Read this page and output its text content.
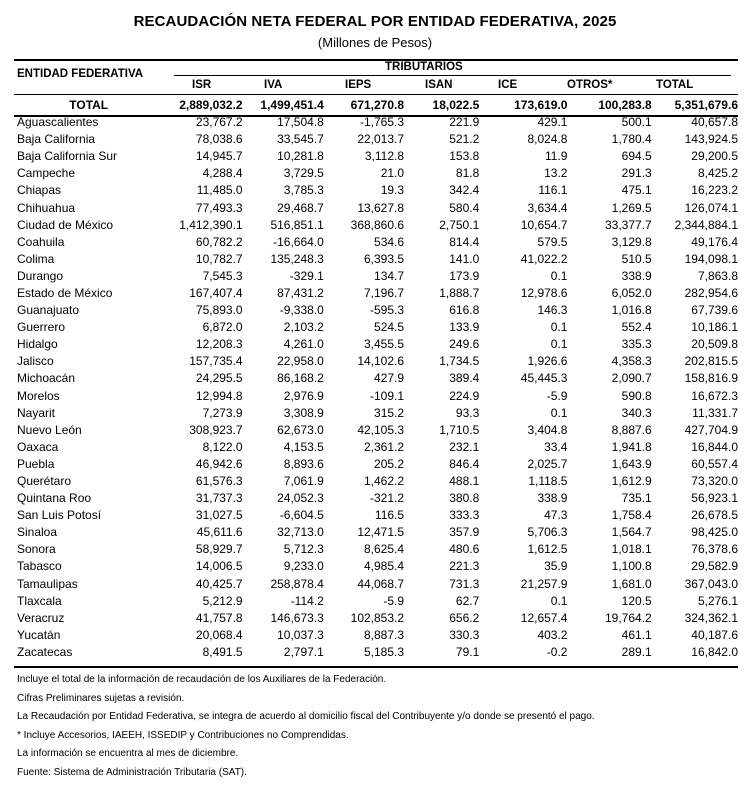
RECAUDACIÓN NETA FEDERAL POR ENTIDAD FEDERATIVA, 2025
(Millones de Pesos)
ENTIDAD FEDERATIVA
TRIBUTARIOS
ISR	IVA	IEPS	ISAN	ICE	OTROS*	TOTAL
TOTAL	2,889,032.2	1,499,451.4	671,270.8	18,022.5	173,619.0	100,283.8	5,351,679.6
Aguascalientes	23,767.2	17,504.8	-1,765.3	221.9	429.1	500.1	40,657.8
Baja California	78,038.6	33,545.7	22,013.7	521.2	8,024.8	1,780.4	143,924.5
Baja California Sur	14,945.7	10,281.8	3,112.8	153.8	11.9	694.5	29,200.5
Campeche	4,288.4	3,729.5	21.0	81.8	13.2	291.3	8,425.2
Chiapas	11,485.0	3,785.3	19.3	342.4	116.1	475.1	16,223.2
Chihuahua	77,493.3	29,468.7	13,627.8	580.4	3,634.4	1,269.5	126,074.1
Ciudad de México	1,412,390.1	516,851.1	368,860.6	2,750.1	10,654.7	33,377.7	2,344,884.1
Coahuila	60,782.2	-16,664.0	534.6	814.4	579.5	3,129.8	49,176.4
Colima	10,782.7	135,248.3	6,393.5	141.0	41,022.2	510.5	194,098.1
Durango	7,545.3	-329.1	134.7	173.9	0.1	338.9	7,863.8
Estado de México	167,407.4	87,431.2	7,196.7	1,888.7	12,978.6	6,052.0	282,954.6
Guanajuato	75,893.0	-9,338.0	-595.3	616.8	146.3	1,016.8	67,739.6
Guerrero	6,872.0	2,103.2	524.5	133.9	0.1	552.4	10,186.1
Hidalgo	12,208.3	4,261.0	3,455.5	249.6	0.1	335.3	20,509.8
Jalisco	157,735.4	22,958.0	14,102.6	1,734.5	1,926.6	4,358.3	202,815.5
Michoacán	24,295.5	86,168.2	427.9	389.4	45,445.3	2,090.7	158,816.9
Morelos	12,994.8	2,976.9	-109.1	224.9	-5.9	590.8	16,672.3
Nayarit	7,273.9	3,308.9	315.2	93.3	0.1	340.3	11,331.7
Nuevo León	308,923.7	62,673.0	42,105.3	1,710.5	3,404.8	8,887.6	427,704.9
Oaxaca	8,122.0	4,153.5	2,361.2	232.1	33.4	1,941.8	16,844.0
Puebla	46,942.6	8,893.6	205.2	846.4	2,025.7	1,643.9	60,557.4
Querétaro	61,576.3	7,061.9	1,462.2	488.1	1,118.5	1,612.9	73,320.0
Quintana Roo	31,737.3	24,052.3	-321.2	380.8	338.9	735.1	56,923.1
San Luis Potosí	31,027.5	-6,604.5	116.5	333.3	47.3	1,758.4	26,678.5
Sinaloa	45,611.6	32,713.0	12,471.5	357.9	5,706.3	1,564.7	98,425.0
Sonora	58,929.7	5,712.3	8,625.4	480.6	1,612.5	1,018.1	76,378.6
Tabasco	14,006.5	9,233.0	4,985.4	221.3	35.9	1,100.8	29,582.9
Tamaulipas	40,425.7	258,878.4	44,068.7	731.3	21,257.9	1,681.0	367,043.0
Tlaxcala	5,212.9	-114.2	-5.9	62.7	0.1	120.5	5,276.1
Veracruz	41,757.8	146,673.3	102,853.2	656.2	12,657.4	19,764.2	324,362.1
Yucatán	20,068.4	10,037.3	8,887.3	330.3	403.2	461.1	40,187.6
Zacatecas	8,491.5	2,797.1	5,185.3	79.1	-0.2	289.1	16,842.0
Incluye el total de la información de recaudación de los Auxiliares de la Federación.
Cifras Preliminares sujetas a revisión.
La Recaudación por Entidad Federativa, se integra de acuerdo al domicilio fiscal del Contribuyente y/o donde se presentó el pago.
* Incluye Accesorios, IAEEH, ISSEDIP y Contribuciones no Comprendidas.
La información se encuentra al mes de diciembre.
Fuente: Sistema de Administración Tributaria (SAT).
